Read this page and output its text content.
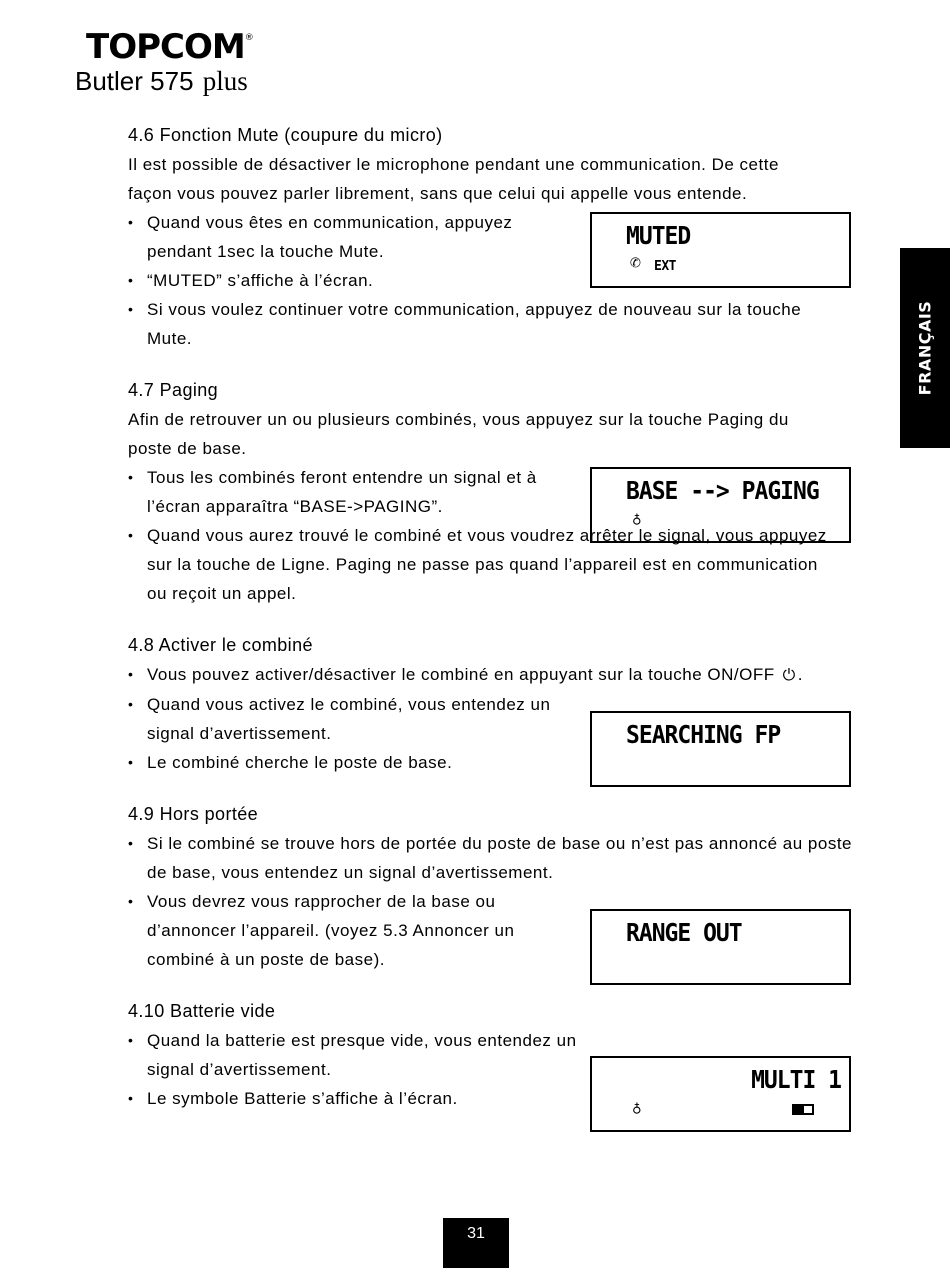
TOPCOM®
Butler 575 plus
FRANÇAIS
4.6 Fonction Mute (coupure du micro)

Il est possible de désactiver le microphone pendant une communication. De cette

façon vous pouvez parler librement, sans que celui qui appelle vous entende.

• Quand vous êtes en communication, appuyez pendant 1sec la touche Mute.
• “MUTED” s’affiche à l’écran.
• Si vous voulez continuer votre communication, appuyez de nouveau sur la touche Mute.
4.7 Paging

Afin de retrouver un ou plusieurs combinés, vous appuyez sur la touche Paging du

poste de base.

• Tous les combinés feront entendre un signal et à l’écran apparaîtra “BASE->PAGING”.
• Quand vous aurez trouvé le combiné et vous voudrez arrêter le signal, vous appuyez sur la touche de Ligne. Paging ne passe pas quand l’appareil est en communication ou reçoit un appel.
4.8 Activer le combiné
• Vous pouvez activer/désactiver le combiné en appuyant sur la touche ON/OFF ⏻ .
• Quand vous activez le combiné, vous entendez un signal d’avertissement.
• Le combiné cherche le poste de base.
4.9 Hors portée
• Si le combiné se trouve hors de portée du poste de base ou n’est pas annoncé au poste de base, vous entendez un signal d’avertissement.
• Vous devrez vous rapprocher de la base ou d’annoncer l’appareil. (voyez 5.3 Annoncer un combiné à un poste de base).
4.10 Batterie vide
• Quand la batterie est presque vide, vous entendez un signal d’avertissement.
• Le symbole Batterie s’affiche à l’écran.
MUTED
✆ EXT
BASE --> PAGING
♁
SEARCHING FP
RANGE OUT
MULTI 1
♁
31
